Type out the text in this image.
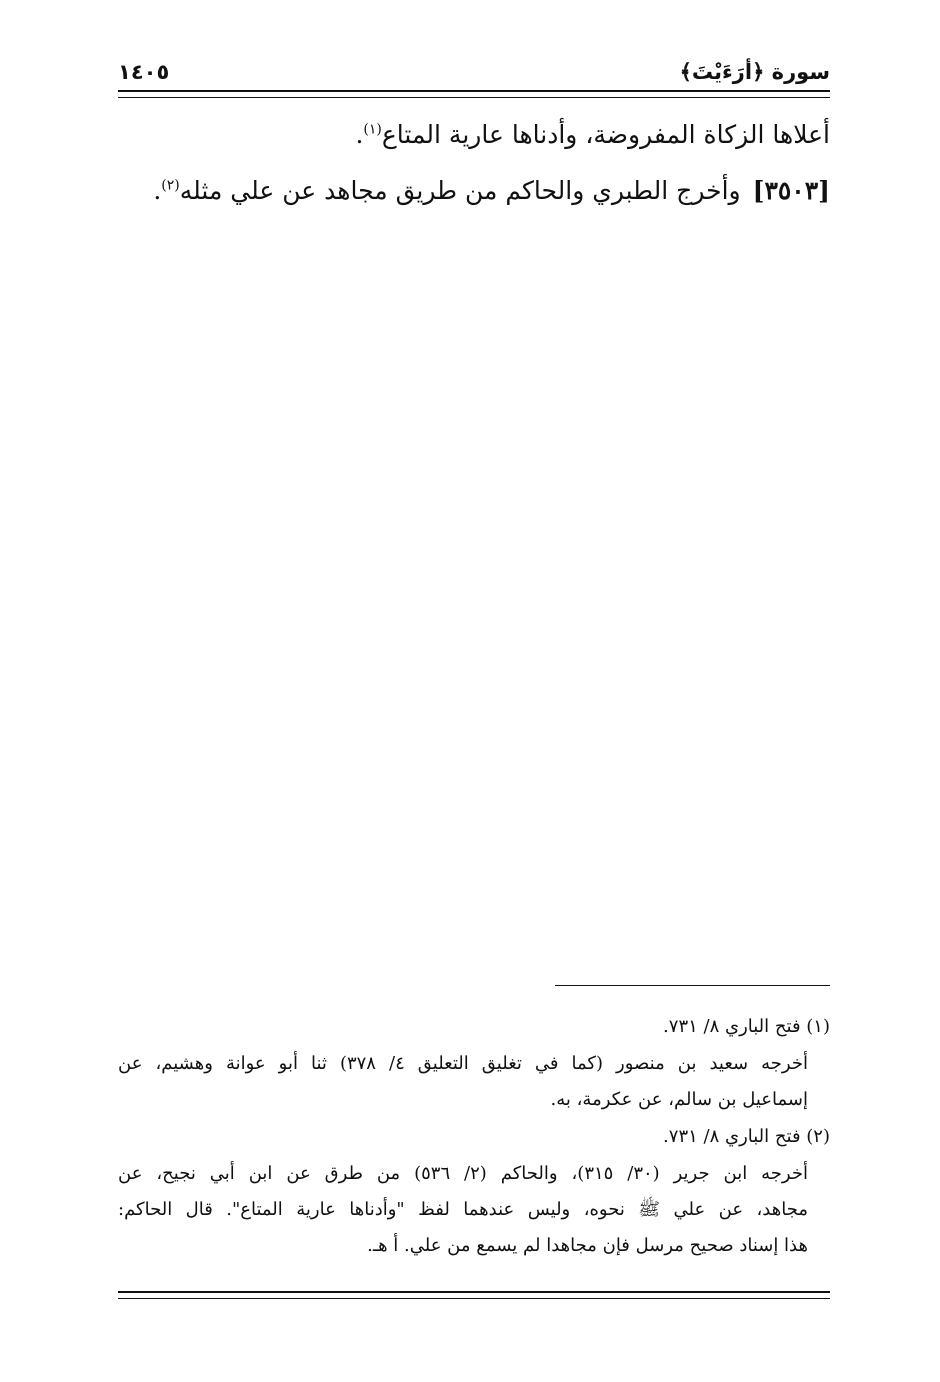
سورة ﴿أرَءَيْتَ﴾
١٤٠٥
أعلاها الزكاة المفروضة، وأدناها عارية المتاع$^{(١)}$.
[٣٥٠٣]وأخرج الطبري والحاكم من طريق مجاهد عن علي مثله$^{(٢)}$.
(١) فتح الباري ٨/ ٧٣١.
أخرجه سعيد بن منصور (كما في تغليق التعليق ٤/ ٣٧٨) ثنا أبو عوانة وهشيم، عن
إسماعيل بن سالم، عن عكرمة، به.
(٢) فتح الباري ٨/ ٧٣١.
أخرجه ابن جرير (٣٠/ ٣١٥)، والحاكم (٢/ ٥٣٦) من طرق عن ابن أبي نجيح، عن
مجاهد، عن علي ﷺ نحوه، وليس عندهما لفظ "وأدناها عارية المتاع". قال الحاكم:
هذا إسناد صحيح مرسل فإن مجاهدا لم يسمع من علي. أ هـ.
